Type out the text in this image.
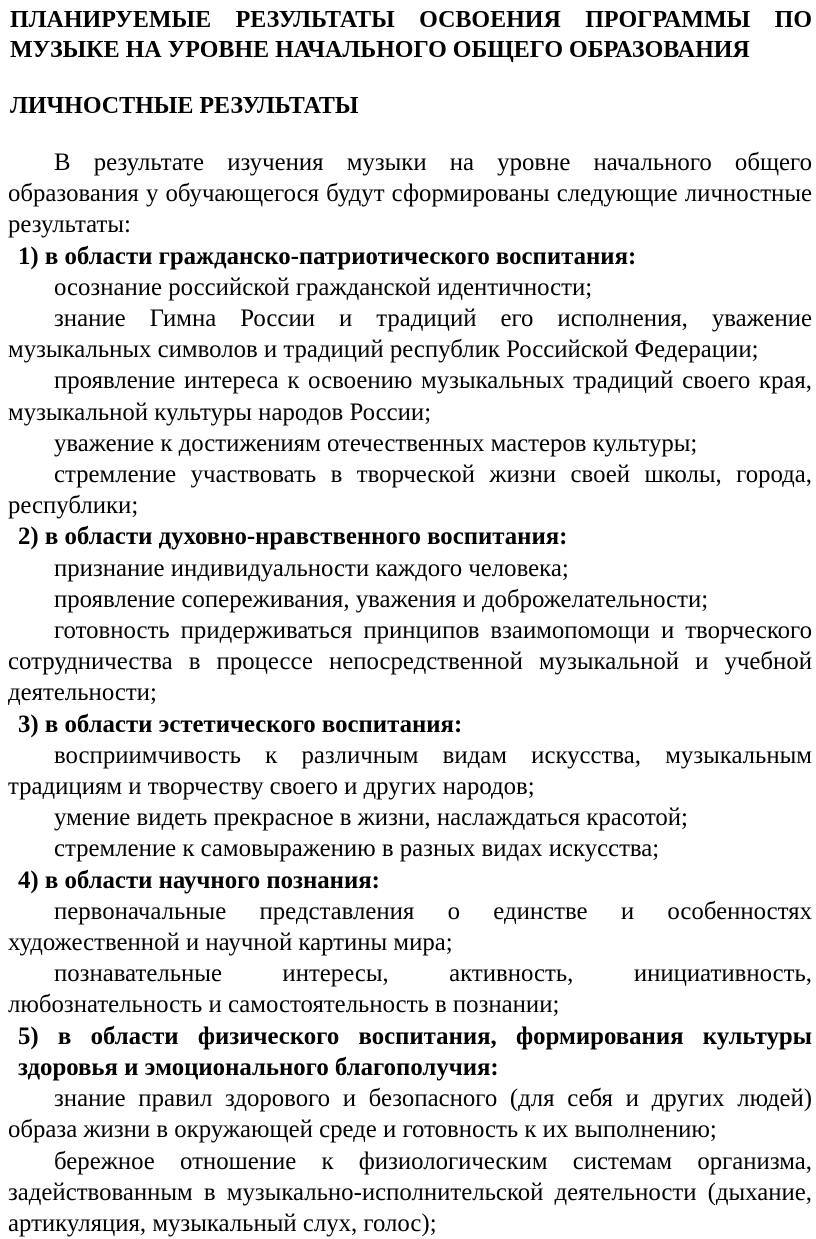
ПЛАНИРУЕМЫЕ РЕЗУЛЬТАТЫ ОСВОЕНИЯ ПРОГРАММЫ ПО
МУЗЫКЕ НА УРОВНЕ НАЧАЛЬНОГО ОБЩЕГО ОБРАЗОВАНИЯ
ЛИЧНОСТНЫЕ РЕЗУЛЬТАТЫ

В результате изучения музыки на уровне начального общего образования у обучающегося будут сформированы следующие личностные результаты:

1) в области гражданско-патриотического воспитания:

осознание российской гражданской идентичности;

знание Гимна России и традиций его исполнения, уважение музыкальных символов и традиций республик Российской Федерации;

проявление интереса к освоению музыкальных традиций своего края, музыкальной культуры народов России;

уважение к достижениям отечественных мастеров культуры;

стремление участвовать в творческой жизни своей школы, города, республики;

2) в области духовно-нравственного воспитания:

признание индивидуальности каждого человека;

проявление сопереживания, уважения и доброжелательности;

готовность придерживаться принципов взаимопомощи и творческого сотрудничества в процессе непосредственной музыкальной и учебной деятельности;

3) в области эстетического воспитания:

восприимчивость к различным видам искусства, музыкальным традициям и творчеству своего и других народов;

умение видеть прекрасное в жизни, наслаждаться красотой;

стремление к самовыражению в разных видах искусства;

4) в области научного познания:

первоначальные представления о единстве и особенностях художественной и научной картины мира;

познавательные интересы, активность, инициативность, любознательность и самостоятельность в познании;

5) в области физического воспитания, формирования культуры здоровья и эмоционального благополучия:

знание правил здорового и безопасного (для себя и других людей) образа жизни в окружающей среде и готовность к их выполнению;

бережное отношение к физиологическим системам организма, задействованным в музыкально-исполнительской деятельности (дыхание, артикуляция, музыкальный слух, голос);
